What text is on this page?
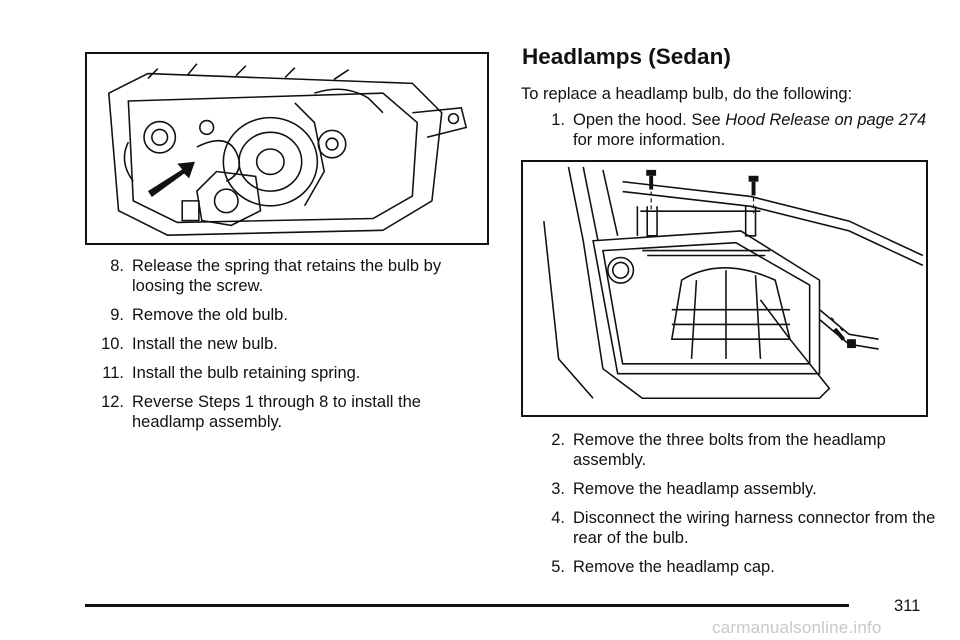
8. Release the spring that retains the bulb by loosing the screw.
9. Remove the old bulb.
10. Install the new bulb.
11. Install the bulb retaining spring.
12. Reverse Steps 1 through 8 to install the headlamp assembly.
Headlamps (Sedan)
To replace a headlamp bulb, do the following:
1. Open the hood. See Hood Release on page 274 for more information.
2. Remove the three bolts from the headlamp assembly.
3. Remove the headlamp assembly.
4. Disconnect the wiring harness connector from the rear of the bulb.
5. Remove the headlamp cap.
311
carmanualsonline.info
